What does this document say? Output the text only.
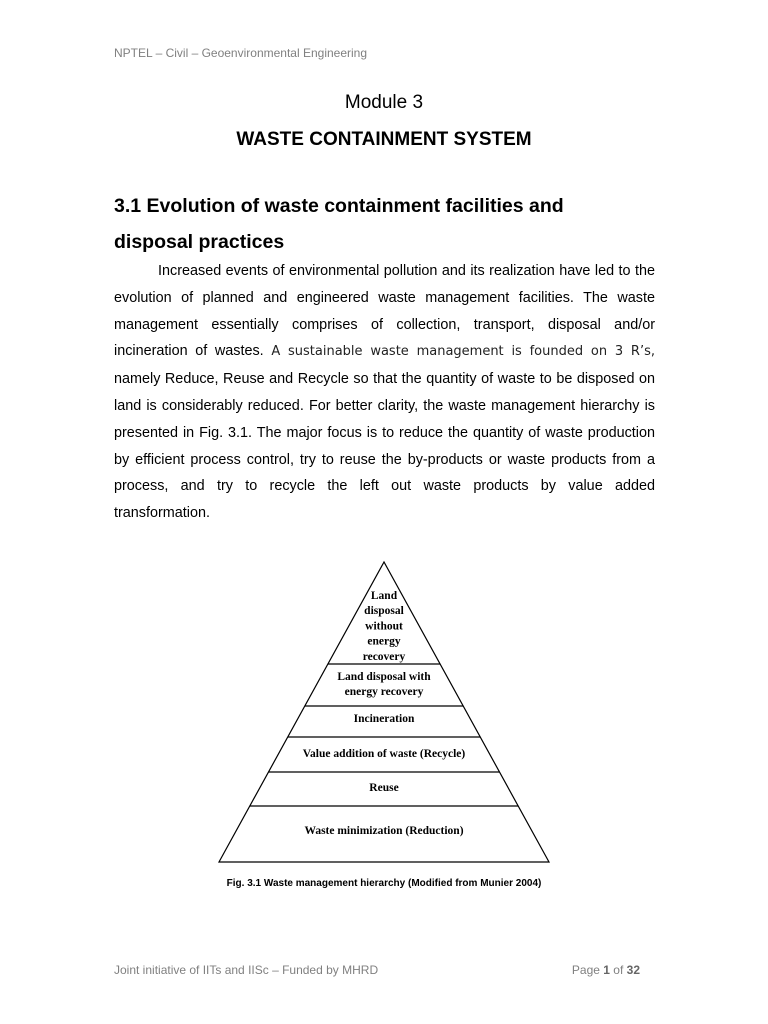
NPTEL – Civil – Geoenvironmental Engineering
Module 3
WASTE CONTAINMENT SYSTEM
3.1 Evolution of waste containment facilities and disposal practices
Increased events of environmental pollution and its realization have led to the evolution of planned and engineered waste management facilities. The waste management essentially comprises of collection, transport, disposal and/or incineration of wastes. A sustainable waste management is founded on 3 R’s, namely Reduce, Reuse and Recycle so that the quantity of waste to be disposed on land is considerably reduced. For better clarity, the waste management hierarchy is presented in Fig. 3.1. The major focus is to reduce the quantity of waste production by efficient process control, try to reuse the by-products or waste products from a process, and try to recycle the left out waste products by value added transformation.
Land
disposal
without
energy
recovery
Land disposal with
energy recovery
Incineration
Value addition of waste (Recycle)
Reuse
Waste minimization (Reduction)
Fig. 3.1 Waste management hierarchy (Modified from Munier 2004)
Joint initiative of IITs and IISc – Funded by MHRD	Page 1 of 32
